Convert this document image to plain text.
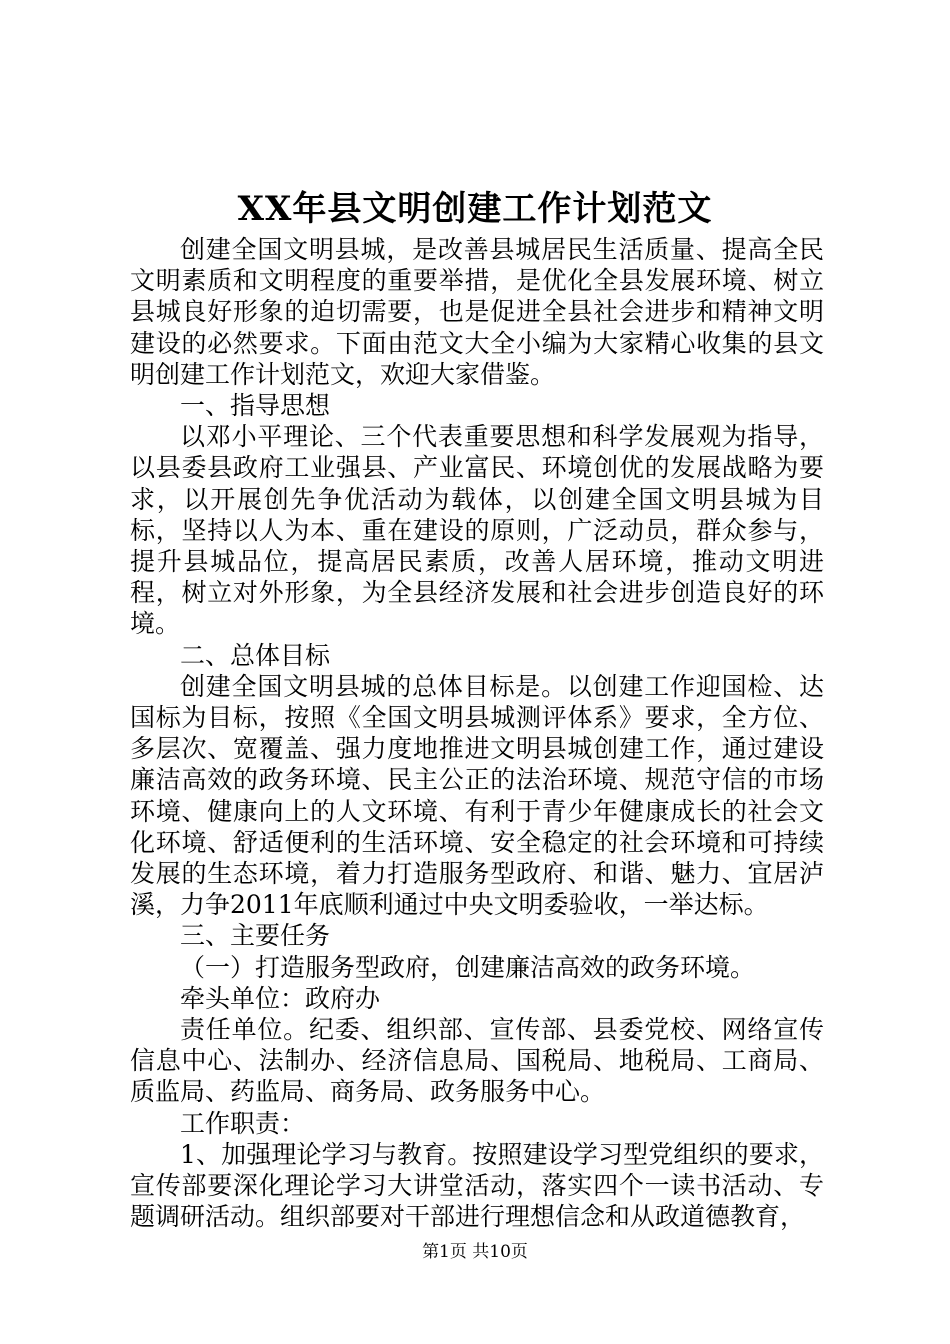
XX年县文明创建工作计划范文

创建全国文明县城，是改善县城居民生活质量、提高全民文明素质和文明程度的重要举措，是优化全县发展环境、树立县城良好形象的迫切需要，也是促进全县社会进步和精神文明建设的必然要求。下面由范文大全小编为大家精心收集的县文明创建工作计划范文，欢迎大家借鉴。

一、指导思想

以邓小平理论、三个代表重要思想和科学发展观为指导，以县委县政府工业强县、产业富民、环境创优的发展战略为要求，以开展创先争优活动为载体，以创建全国文明县城为目标，坚持以人为本、重在建设的原则，广泛动员，群众参与，提升县城品位，提高居民素质，改善人居环境，推动文明进程，树立对外形象，为全县经济发展和社会进步创造良好的环境。

二、总体目标

创建全国文明县城的总体目标是。以创建工作迎国检、达国标为目标，按照《全国文明县城测评体系》要求，全方位、多层次、宽覆盖、强力度地推进文明县城创建工作，通过建设廉洁高效的政务环境、民主公正的法治环境、规范守信的市场环境、健康向上的人文环境、有利于青少年健康成长的社会文化环境、舒适便利的生活环境、安全稳定的社会环境和可持续发展的生态环境，着力打造服务型政府、和谐、魅力、宜居泸溪，力争2011年底顺利通过中央文明委验收，一举达标。

三、主要任务

（一）打造服务型政府，创建廉洁高效的政务环境。

牵头单位：政府办

责任单位。纪委、组织部、宣传部、县委党校、网络宣传信息中心、法制办、经济信息局、国税局、地税局、工商局、质监局、药监局、商务局、政务服务中心。

工作职责：

1、加强理论学习与教育。按照建设学习型党组织的要求，宣传部要深化理论学习大讲堂活动，落实四个一读书活动、专题调研活动。组织部要对干部进行理想信念和从政道德教育，

第1页 共10页
